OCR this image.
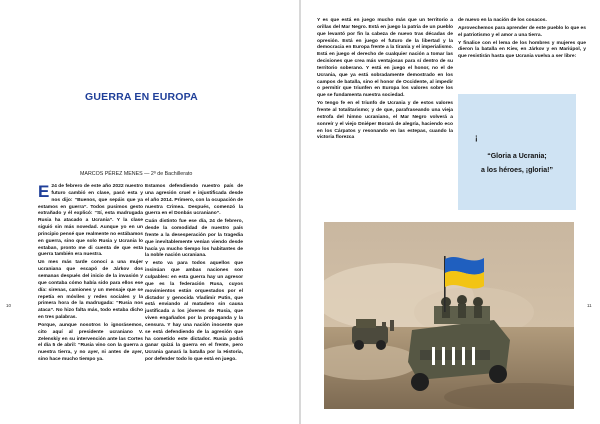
GUERRA EN EUROPA
MARCOS PÉREZ MENES — 2º de Bachillerato

E 24 de febrero de este año 2022 nuestro futuro cambió en clase, pasó esta y nos dijo: “Buenos, que sepáis que ya estamos en guerra”. Todos pusimos gesto extrañado y él explicó: “Sí, esta madrugada Rusia ha atacado a Ucrania”. Y la clase siguió sin más novedad. Aunque yo en un principio pensé que realmente no estábamos en guerra, sino que solo Rusia y Ucrania lo estaban, pronto me di cuenta de que esta guerra también era nuestra.

Un mes más tarde conocí a una mujer ucraniana que escapó de Járkov dos semanas después del inicio de la invasión y que contaba cómo había sido para ellos ese día: sirenas, camiones y un mensaje que se repetía en móviles y redes sociales y la primera hora de la madrugada: “Rusia nos ataca”. No hizo falta más, todo estaba dicho en tres palabras.

Porque, aunque nosotros lo ignorásemos, cito aquí al presidente ucraniano V. Zelenskiy en su intervención ante las Cortes el día 5 de abril: “Rusia vino con la guerra a nuestra tierra, y no ayer, ni antes de ayer, sino hace mucho tiempo ya.

Estamos defendiendo nuestro país de una agresión cruel e injustificada desde el año 2014. Primero, con la ocupación de nuestra Crimea. Después, comenzó la guerra en el Donbás ucraniano”.

Cuán distinto fue ese día, 24 de febrero, desde la comodidad de nuestro país frente a la desesperación por la tragedia que inevitablemente venían viendo desde hacía ya mucho tiempo los habitantes de la noble nación ucraniana.

Y esto va para todos aquellos que insinúan que ambas naciones son culpables: en esta guerra hay un agresor que es la federación Rusa, cuyos movimientos están orquestados por el dictador y genocida Vladimir Putin, que está enviando al matadero sin causa justificada a los jóvenes de Rusia, que viven engañados por la propaganda y la censura. Y hay una nación inocente que se está defendiendo de la agresión que ha cometido este dictador. Rusia podrá ganar quizá la guerra en el frente, pero Ucrania ganará la batalla por la Historia, por defender todo lo que está en juego.

10

Y es que está en juego mucho más que un territorio a orillas del Mar Negro. Está en juego la patria de un pueblo que levantó por fin la cabeza de nuevo tras décadas de opresión. Está en juego el futuro de la libertad y la democracia en Europa frente a la tiranía y el imperialismo. Está en juego el derecho de cualquier nación a tomar las decisiones que crea más ventajosas para sí dentro de su territorio soberano. Y está en juego el honor, no el de Ucrania, que ya está sobradamente demostrado en los campos de batalla, sino el honor de Occidente, al impedir o permitir que triunfen en Europa los valores sobre los que se fundamenta nuestra sociedad.

Yo tengo fe en el triunfo de Ucrania y de estos valores frente al totalitarismo; y de que, parafraseando una vieja estrofa del himno ucraniano, el Mar Negro volverá a sonreír y el viejo Dniéper Borará de alegría, haciendo eco en los Cárpatos y resonando en las estepas, cuando la victoria florezca

de nuevo en la nación de los cosacos.

Aprovechemos para aprender de este pueblo lo que es el patriotismo y el amor a una tierra.

Y finalice con el lema de los hombres y mujeres que dieron la batalla en Kiev, en Járkov y en Mariúpol, y que resistirán hasta que Ucrania vuelva a ser libre:

11
¡
“Gloria a Ucrania;
a los héroes, ¡gloria!”
